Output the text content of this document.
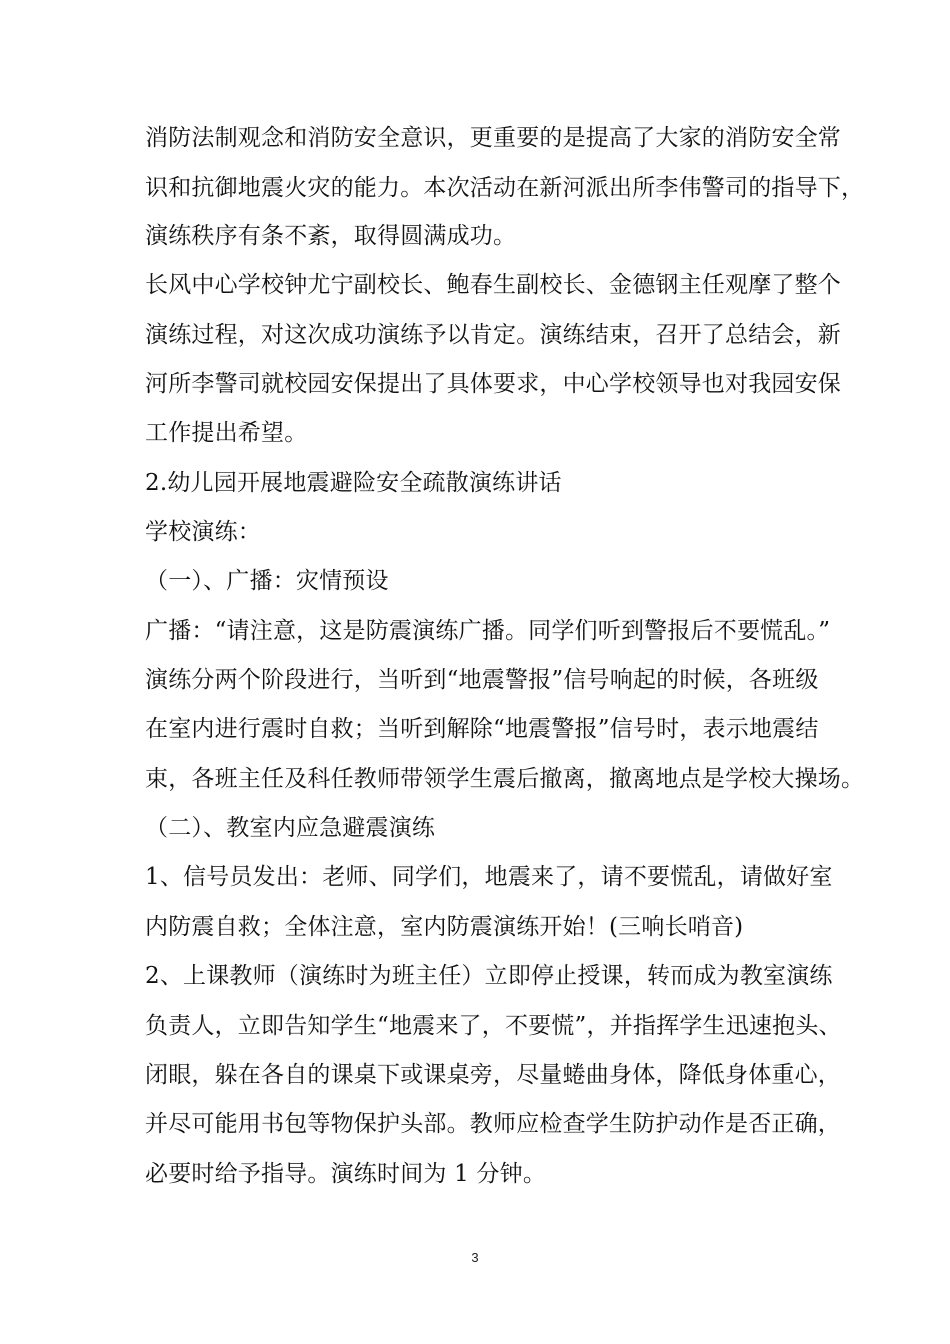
消防法制观念和消防安全意识，更重要的是提高了大家的消防安全常
识和抗御地震火灾的能力。本次活动在新河派出所李伟警司的指导下，
演练秩序有条不紊，取得圆满成功。
长风中心学校钟尤宁副校长、鲍春生副校长、金德钢主任观摩了整个
演练过程，对这次成功演练予以肯定。演练结束，召开了总结会，新
河所李警司就校园安保提出了具体要求，中心学校领导也对我园安保
工作提出希望。
2.幼儿园开展地震避险安全疏散演练讲话
学校演练：
（一）、广播：灾情预设
广播：“请注意，这是防震演练广播。同学们听到警报后不要慌乱。”
演练分两个阶段进行，当听到“地震警报”信号响起的时候，各班级
在室内进行震时自救；当听到解除“地震警报”信号时，表示地震结
束，各班主任及科任教师带领学生震后撤离，撤离地点是学校大操场。
（二）、教室内应急避震演练
1、信号员发出：老师、同学们，地震来了，请不要慌乱，请做好室
内防震自救；全体注意，室内防震演练开始！(三响长哨音)
2、上课教师（演练时为班主任）立即停止授课，转而成为教室演练
负责人，立即告知学生“地震来了，不要慌”，并指挥学生迅速抱头、
闭眼，躲在各自的课桌下或课桌旁，尽量蜷曲身体，降低身体重心，
并尽可能用书包等物保护头部。教师应检查学生防护动作是否正确，
必要时给予指导。演练时间为 1 分钟。
3
